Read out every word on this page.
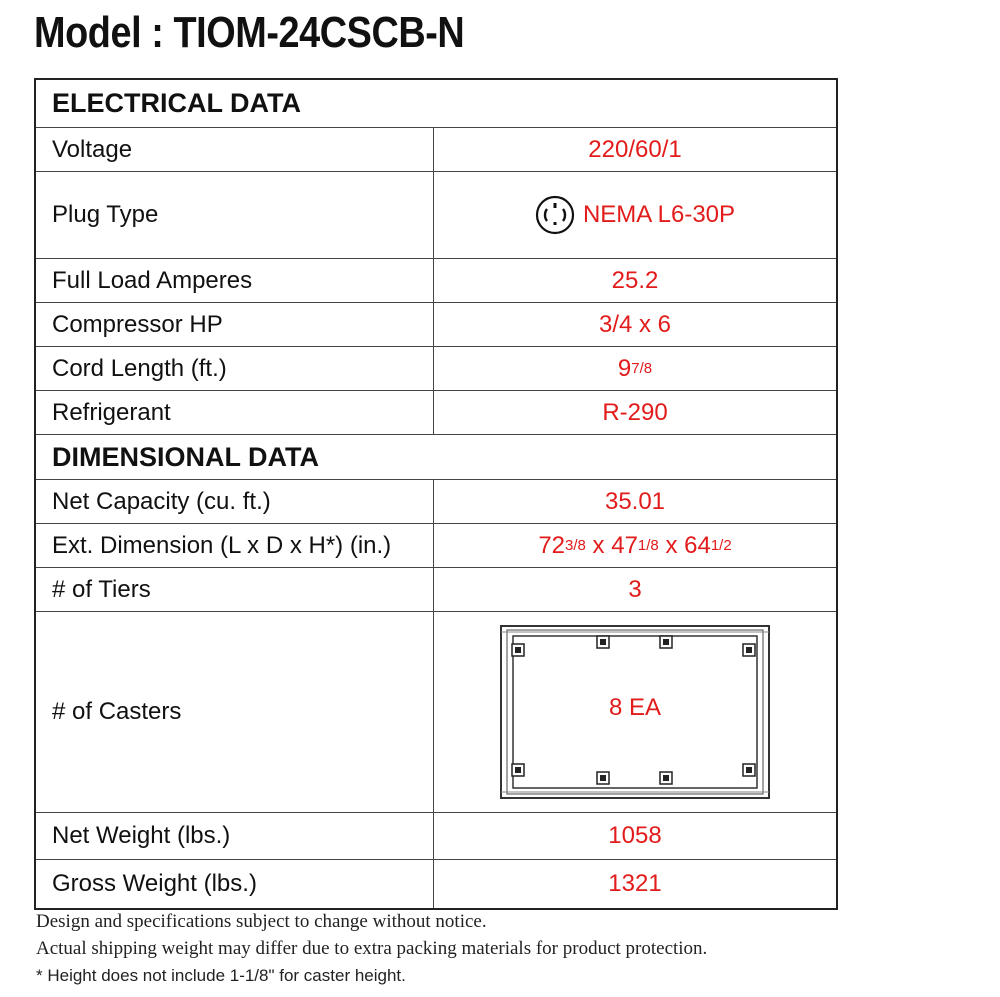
Model : TIOM-24CSCB-N
ELECTRICAL DATA
Voltage	220/60/1
Plug Type	NEMA L6-30P
Full Load Amperes	25.2
Compressor HP	3/4 x 6
Cord Length (ft.)	9 7/8
Refrigerant	R-290
DIMENSIONAL DATA
Net Capacity (cu. ft.)	35.01
Ext. Dimension (L x D x H*) (in.)	72 3/8 x 47 1/8 x 64 1/2
# of Tiers	3
# of Casters	8 EA
Net Weight (lbs.)	1058
Gross Weight (lbs.)	1321
Design and specifications subject to change without notice.
Actual shipping weight may differ due to extra packing materials for product protection.
* Height does not include 1-1/8" for caster height.
